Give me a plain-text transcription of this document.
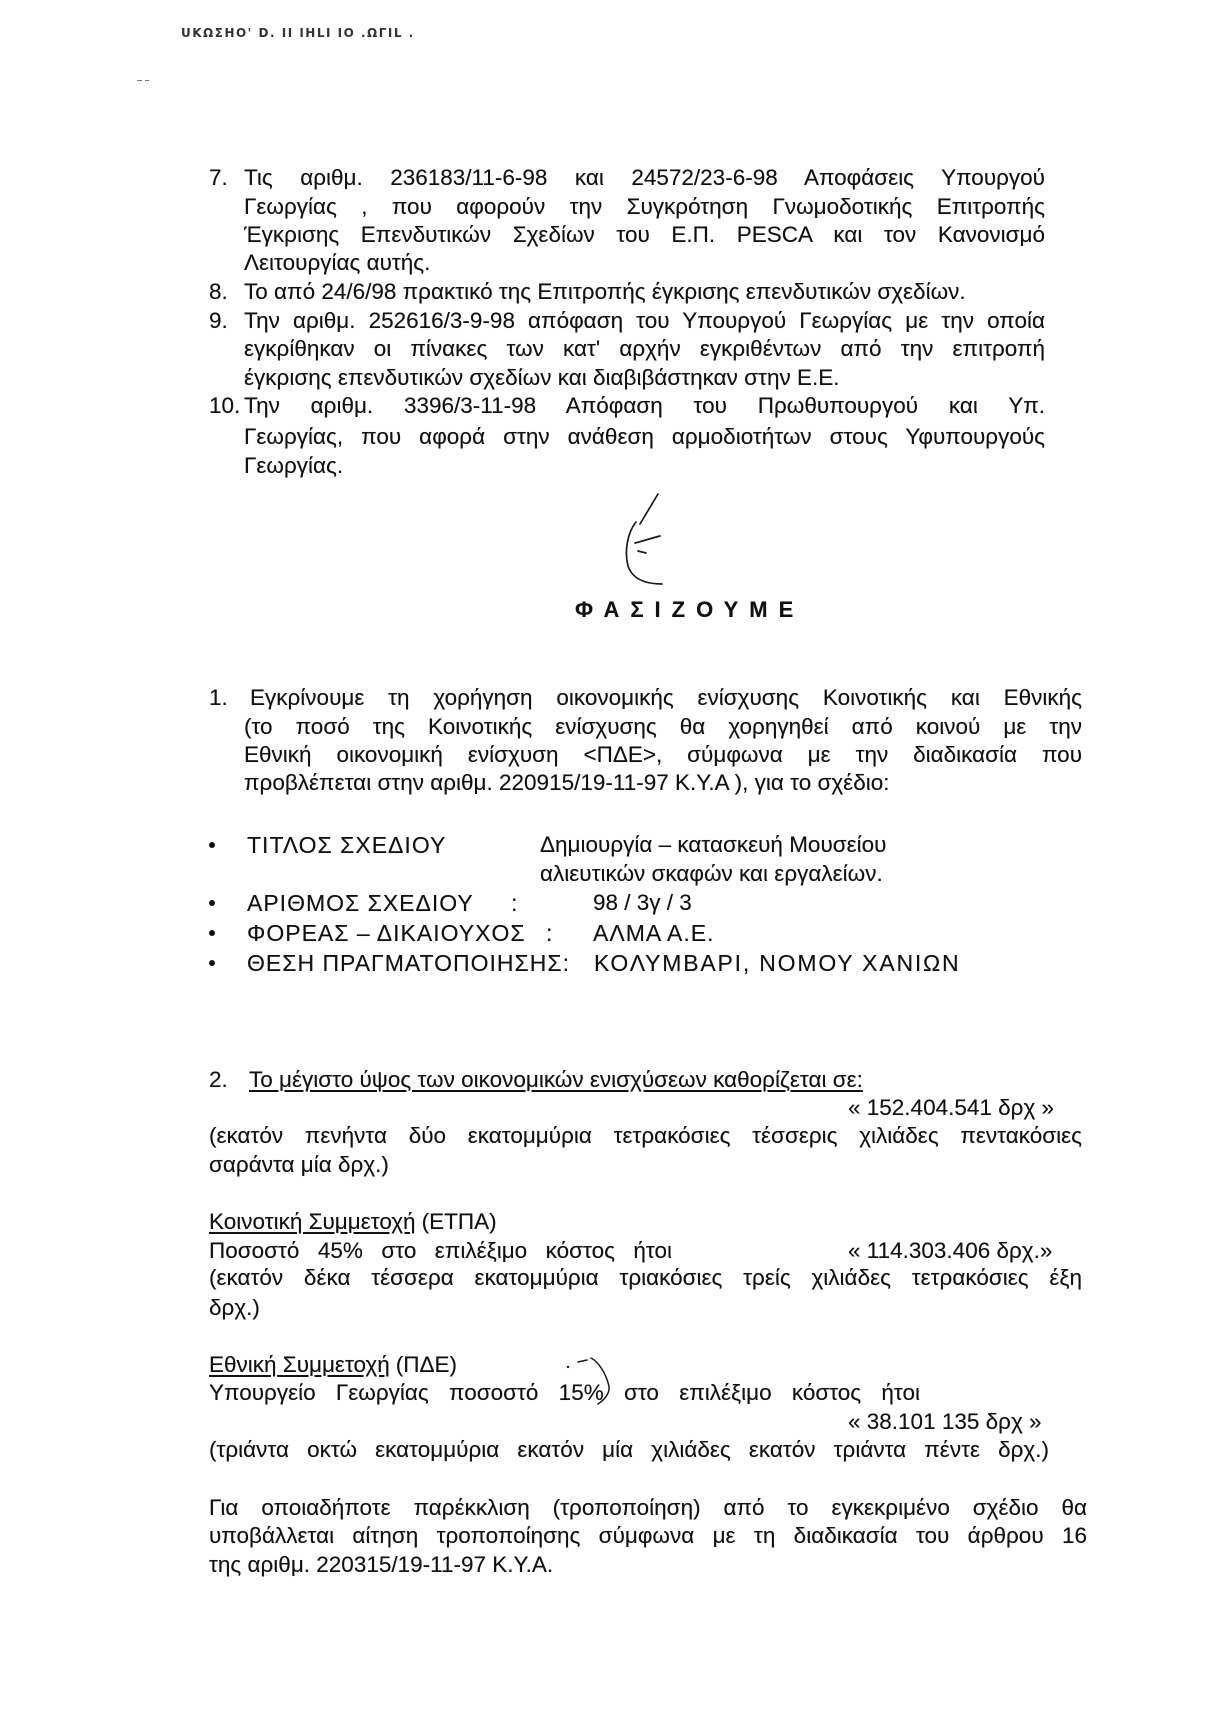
UKΩΣHO' D. II IHLI IO .ΩΓIL .
7. Τις αριθμ. 236183/11-6-98 και 24572/23-6-98 Αποφάσεις Υπουργού
Γεωργίας , που αφορούν την Συγκρότηση Γνωμοδοτικής Επιτροπής
Έγκρισης Επενδυτικών Σχεδίων του Ε.Π. PESCA και τον Κανονισμό
Λειτουργίας αυτής.
8. Το από 24/6/98 πρακτικό της Επιτροπής έγκρισης επενδυτικών σχεδίων.
9. Την αριθμ. 252616/3-9-98 απόφαση του Υπουργού Γεωργίας με την οποία
εγκρίθηκαν οι πίνακες των κατ' αρχήν εγκριθέντων από την επιτροπή
έγκρισης επενδυτικών σχεδίων και διαβιβάστηκαν στην Ε.Ε.
10. Την αριθμ. 3396/3-11-98 Απόφαση του Πρωθυπουργού και Υπ.
Γεωργίας, που αφορά στην ανάθεση αρμοδιοτήτων στους Υφυπουργούς
Γεωργίας.
ΦΑΣΙΖΟΥΜΕ
1. Εγκρίνουμε τη χορήγηση οικονομικής ενίσχυσης Κοινοτικής και Εθνικής
(το ποσό της Κοινοτικής ενίσχυσης θα χορηγηθεί από κοινού με την
Εθνική οικονομική ενίσχυση <ΠΔΕ>, σύμφωνα με την διαδικασία που
προβλέπεται στην αριθμ. 220915/19-11-97 Κ.Υ.Α ), για το σχέδιο:
ΤΙΤΛΟΣ ΣΧΕΔΙΟΥ	Δημιουργία – κατασκευή Μουσείου
αλιευτικών σκαφών και εργαλείων.
ΑΡΙΘΜΟΣ ΣΧΕΔΙΟΥ :	98 / 3γ / 3
ΦΟΡΕΑΣ – ΔΙΚΑΙΟΥΧΟΣ : ΑΛΜΑ Α.Ε.
ΘΕΣΗ ΠΡΑΓΜΑΤΟΠΟΙΗΣΗΣ: ΚΟΛΥΜΒΑΡΙ, ΝΟΜΟΥ ΧΑΝΙΩΝ
2. Το μέγιστο ύψος των οικονομικών ενισχύσεων καθορίζεται σε:
« 152.404.541 δρχ »
(εκατόν πενήντα δύο εκατομμύρια τετρακόσιες τέσσερις χιλιάδες πεντακόσιες
σαράντα μία δρχ.)
Κοινοτική Συμμετοχή (ΕΤΠΑ)
Ποσοστό 45% στο επιλέξιμο κόστος ήτοι	« 114.303.406 δρχ.»
(εκατόν δέκα τέσσερα εκατομμύρια τριακόσιες τρείς χιλιάδες τετρακόσιες έξη
δρχ.)
Εθνική Συμμετοχή (ΠΔΕ)
Υπουργείο Γεωργίας ποσοστό 15% στο επιλέξιμο κόστος ήτοι
« 38.101 135 δρχ »
(τριάντα οκτώ εκατομμύρια εκατόν μία χιλιάδες εκατόν τριάντα πέντε δρχ.)
Για οποιαδήποτε παρέκκλιση (τροποποίηση) από το εγκεκριμένο σχέδιο θα
υποβάλλεται αίτηση τροποποίησης σύμφωνα με τη διαδικασία του άρθρου 16
της αριθμ. 220315/19-11-97 Κ.Υ.Α.
